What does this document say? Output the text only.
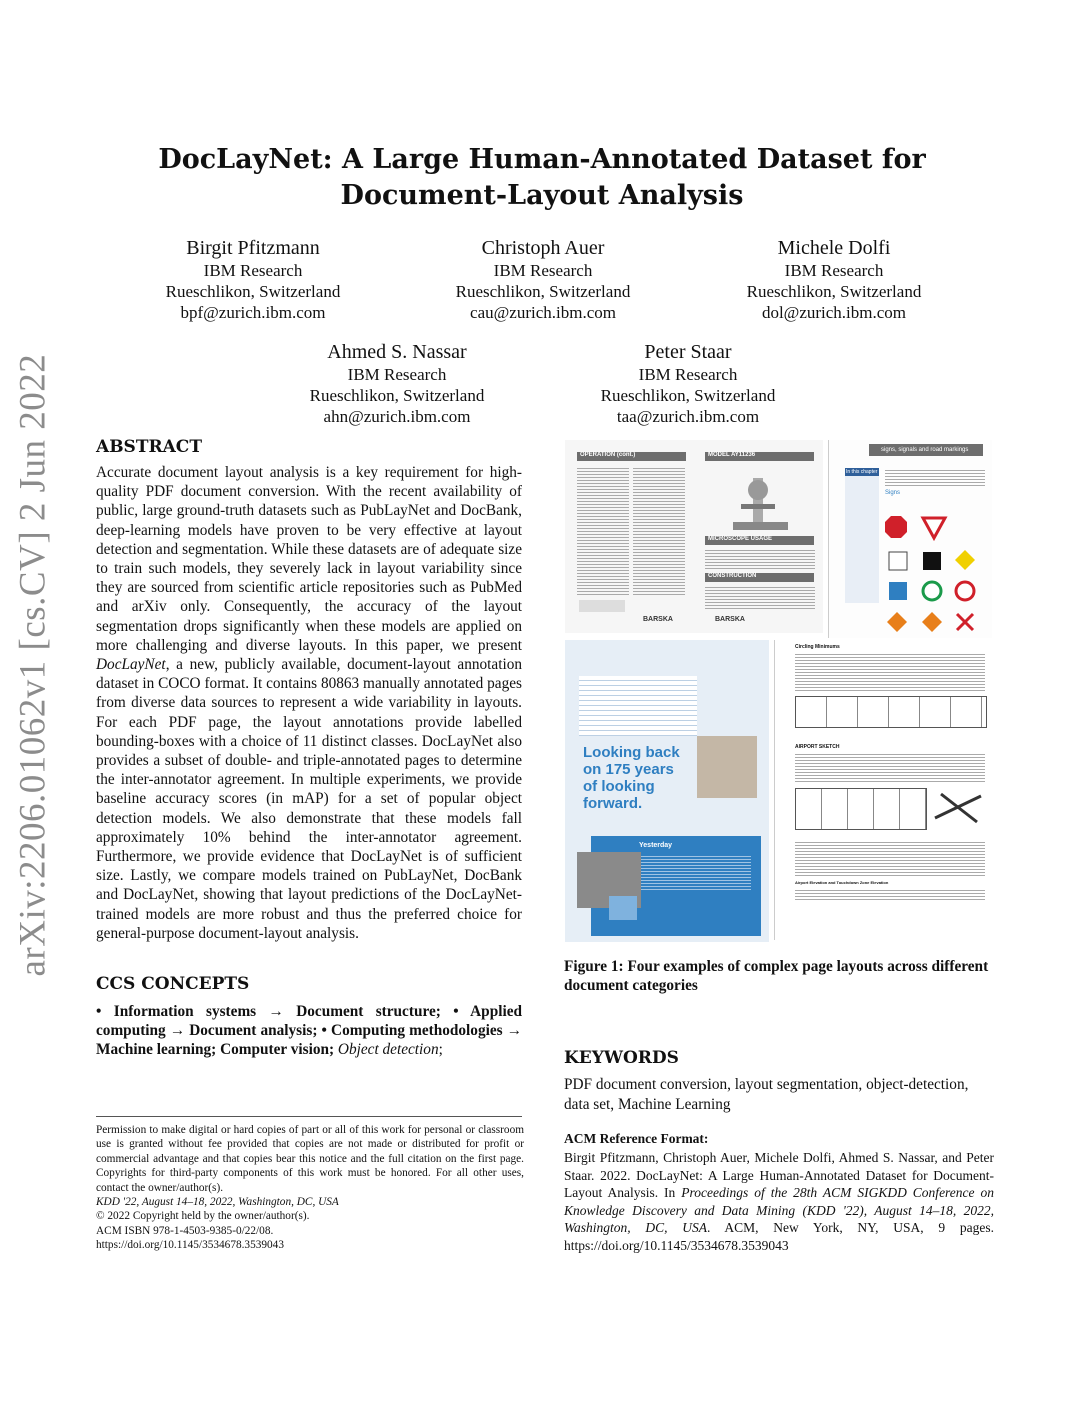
DocLayNet: A Large Human-Annotated Dataset for
Document-Layout Analysis
Birgit Pfitzmann
IBM Research
Rueschlikon, Switzerland
bpf@zurich.ibm.com
Christoph Auer
IBM Research
Rueschlikon, Switzerland
cau@zurich.ibm.com
Michele Dolfi
IBM Research
Rueschlikon, Switzerland
dol@zurich.ibm.com
Ahmed S. Nassar
IBM Research
Rueschlikon, Switzerland
ahn@zurich.ibm.com
Peter Staar
IBM Research
Rueschlikon, Switzerland
taa@zurich.ibm.com
arXiv:2206.01062v1 [cs.CV] 2 Jun 2022	ABSTRACT
Accurate document layout analysis is a key requirement for high-quality PDF document conversion. With the recent availability of public, large ground-truth datasets such as PubLayNet and DocBank, deep-learning models have proven to be very effective at layout detection and segmentation. While these datasets are of adequate size to train such models, they severely lack in layout variability since they are sourced from scientific article repositories such as PubMed and arXiv only. Consequently, the accuracy of the layout segmentation drops significantly when these models are applied on more challenging and diverse layouts. In this paper, we present DocLayNet, a new, publicly available, document-layout annotation dataset in COCO format. It contains 80863 manually annotated pages from diverse data sources to represent a wide variability in layouts. For each PDF page, the layout annotations provide labelled bounding-boxes with a choice of 11 distinct classes. DocLayNet also provides a subset of double- and triple-annotated pages to determine the inter-annotator agreement. In multiple experiments, we provide baseline accuracy scores (in mAP) for a set of popular object detection models. We also demonstrate that these models fall approximately 10% behind the inter-annotator agreement. Furthermore, we provide evidence that DocLayNet is of sufficient size. Lastly, we compare models trained on PubLayNet, DocBank and DocLayNet, showing that layout predictions of the DocLayNet-trained models are more robust and thus the preferred choice for general-purpose document-layout analysis.
CCS CONCEPTS
• Information systems → Document structure; • Applied computing → Document analysis; • Computing methodologies → Machine learning; Computer vision; Object detection;
Permission to make digital or hard copies of part or all of this work for personal or classroom use is granted without fee provided that copies are not made or distributed for profit or commercial advantage and that copies bear this notice and the full citation on the first page. Copyrights for third-party components of this work must be honored. For all other uses, contact the owner/author(s).
KDD '22, August 14–18, 2022, Washington, DC, USA
© 2022 Copyright held by the owner/author(s).
ACM ISBN 978-1-4503-9385-0/22/08.
https://doi.org/10.1145/3534678.3539043
OPERATION (cont.)	MODEL AY11236
MICROSCOPE USAGE
CONSTRUCTION
BARSKA	BARSKA
signs, signals and road markings
In this chapter
Signs
Looking back on 175 years of looking forward.
Yesterday
Circling Minimums
AIRPORT SKETCH
Airport Elevation and Touchdown Zone Elevation
Figure 1: Four examples of complex page layouts across different document categories
KEYWORDS
PDF document conversion, layout segmentation, object-detection, data set, Machine Learning
ACM Reference Format:
Birgit Pfitzmann, Christoph Auer, Michele Dolfi, Ahmed S. Nassar, and Peter Staar. 2022. DocLayNet: A Large Human-Annotated Dataset for Document-Layout Analysis. In Proceedings of the 28th ACM SIGKDD Conference on Knowledge Discovery and Data Mining (KDD '22), August 14–18, 2022, Washington, DC, USA. ACM, New York, NY, USA, 9 pages. https://doi.org/10.1145/3534678.3539043
